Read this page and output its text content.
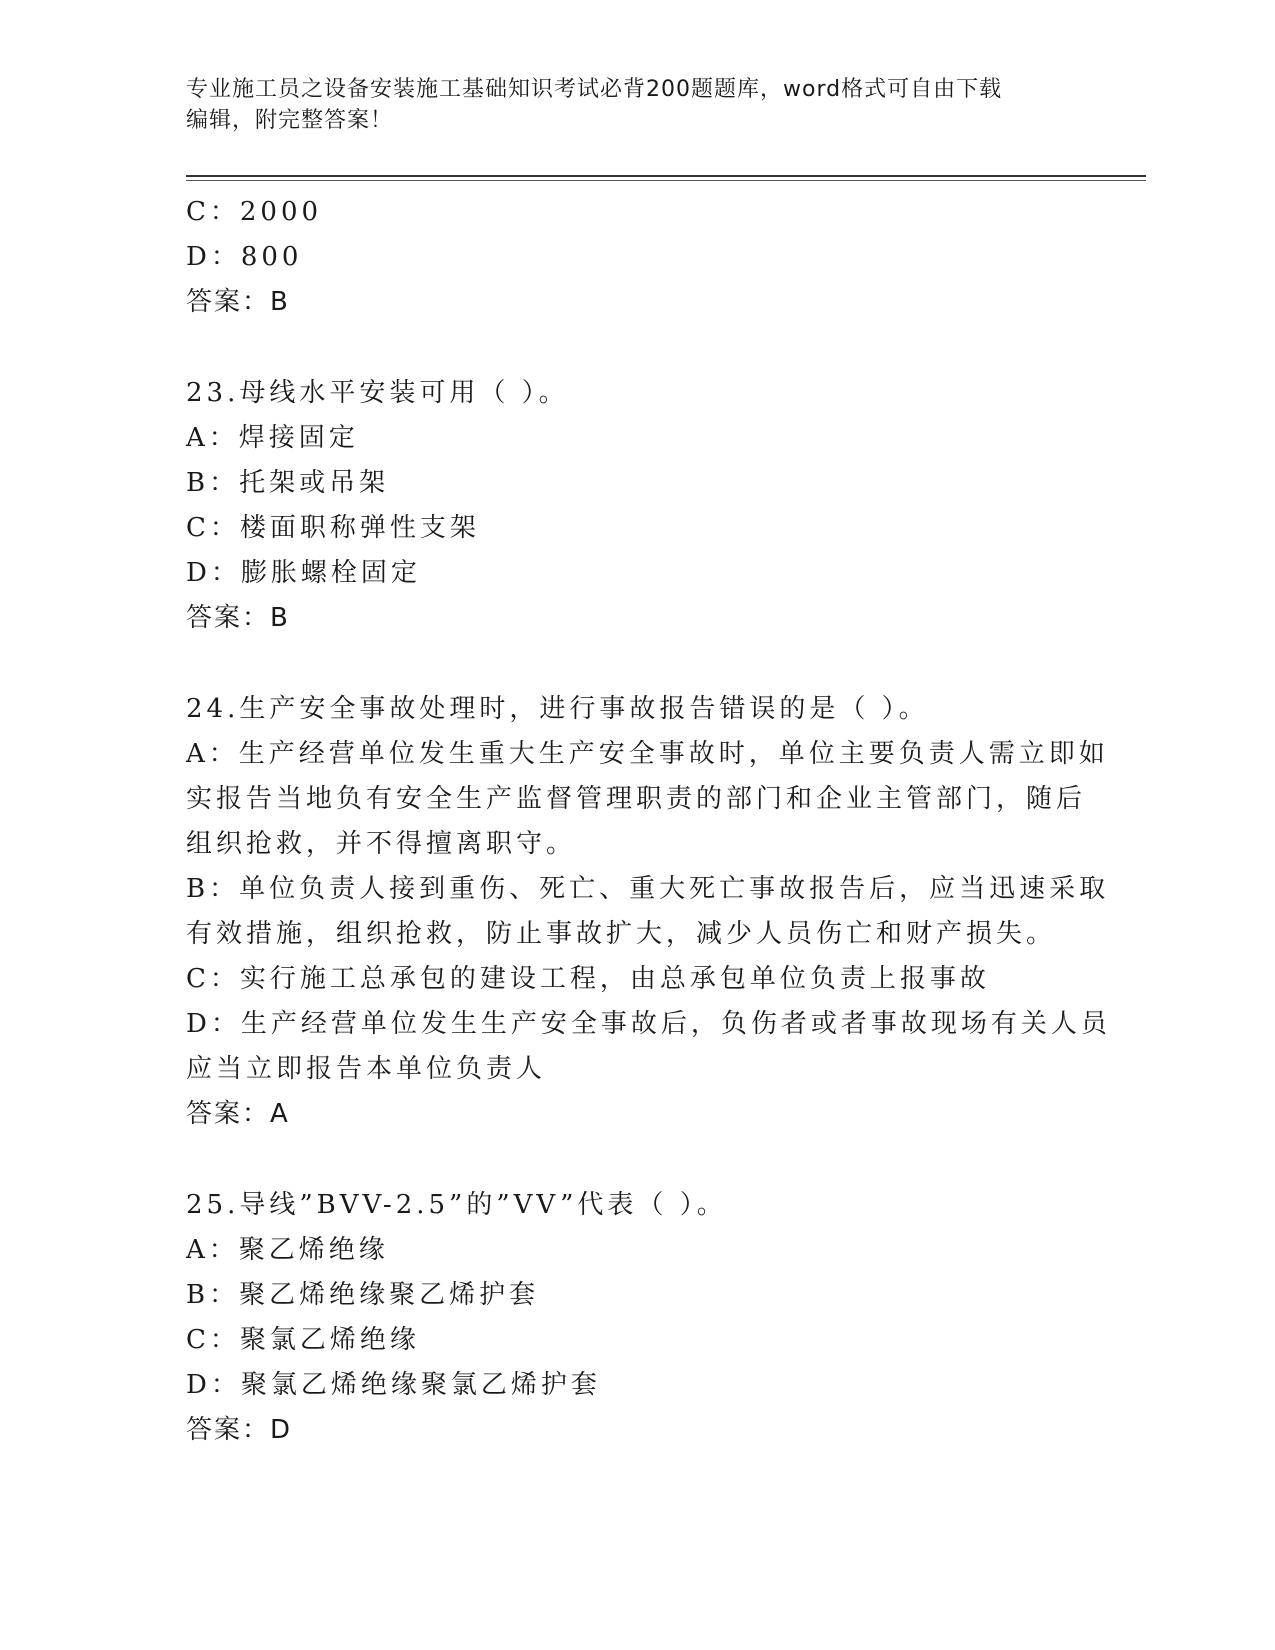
专业施工员之设备安装施工基础知识考试必背200题题库，word格式可自由下载
编辑，附完整答案！
C：2000
D：800
答案：B
23.母线水平安装可用（ ）。
A：焊接固定
B：托架或吊架
C：楼面职称弹性支架
D：膨胀螺栓固定
答案：B
24.生产安全事故处理时，进行事故报告错误的是（ ）。
A：生产经营单位发生重大生产安全事故时，单位主要负责人需立即如
实报告当地负有安全生产监督管理职责的部门和企业主管部门，随后
组织抢救，并不得擅离职守。
B：单位负责人接到重伤、死亡、重大死亡事故报告后，应当迅速采取
有效措施，组织抢救，防止事故扩大，减少人员伤亡和财产损失。
C：实行施工总承包的建设工程，由总承包单位负责上报事故
D：生产经营单位发生生产安全事故后，负伤者或者事故现场有关人员
应当立即报告本单位负责人
答案：A
25.导线”BVV-2.5”的”VV”代表（ ）。
A：聚乙烯绝缘
B：聚乙烯绝缘聚乙烯护套
C：聚氯乙烯绝缘
D：聚氯乙烯绝缘聚氯乙烯护套
答案：D
